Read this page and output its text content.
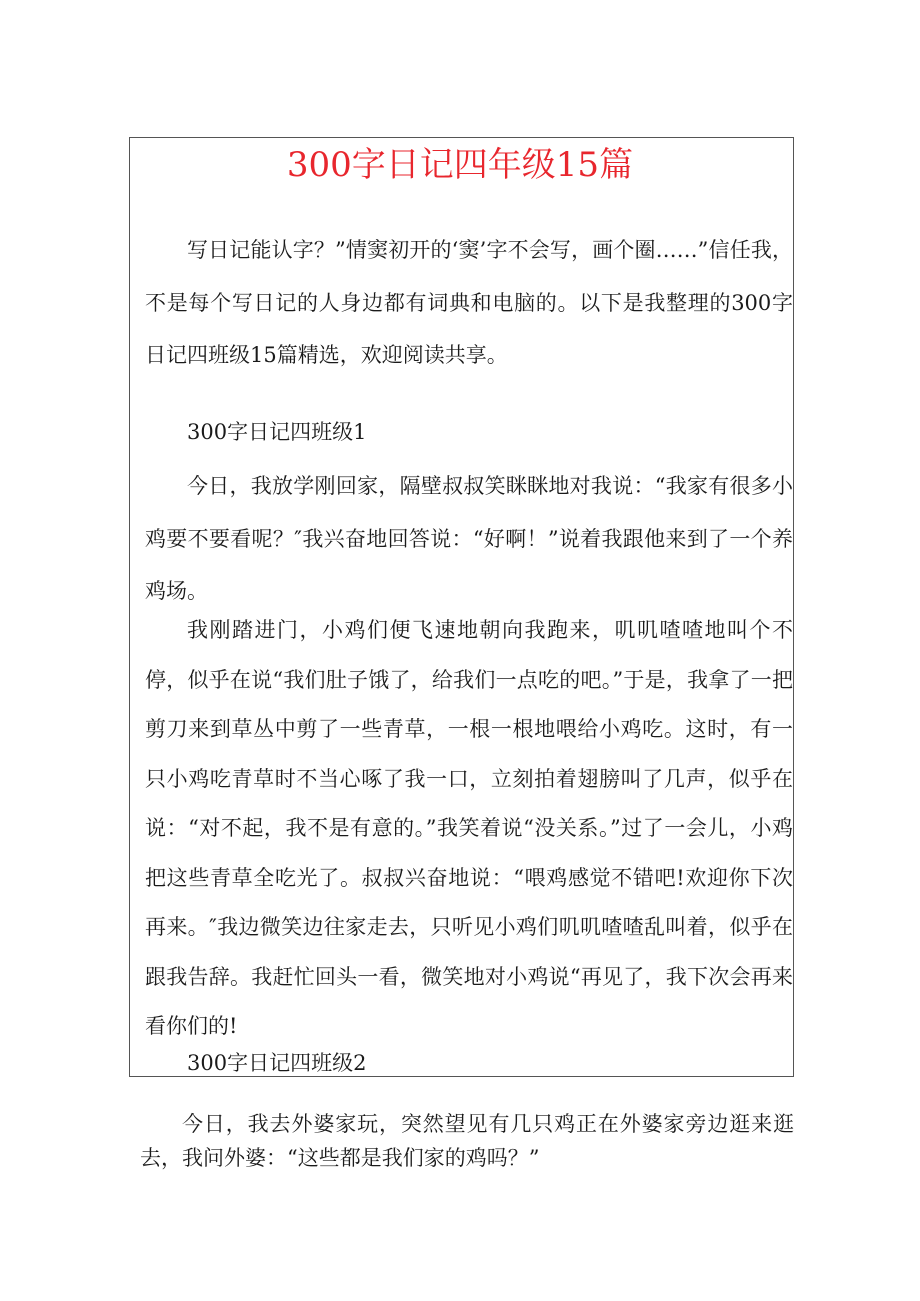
300字日记四年级15篇

写日记能认字？”情窦初开的‘窦’字不会写，画个圈……”信任我，不是每个写日记的人身边都有词典和电脑的。以下是我整理的300字日记四班级15篇精选，欢迎阅读共享。

300字日记四班级1

今日，我放学刚回家，隔壁叔叔笑眯眯地对我说：“我家有很多小鸡要不要看呢？″我兴奋地回答说：“好啊！”说着我跟他来到了一个养鸡场。

我刚踏进门，小鸡们便飞速地朝向我跑来，叽叽喳喳地叫个不停，似乎在说“我们肚子饿了，给我们一点吃的吧。”于是，我拿了一把剪刀来到草丛中剪了一些青草，一根一根地喂给小鸡吃。这时，有一只小鸡吃青草时不当心啄了我一口，立刻拍着翅膀叫了几声，似乎在说：“对不起，我不是有意的。”我笑着说“没关系。”过了一会儿，小鸡把这些青草全吃光了。叔叔兴奋地说：“喂鸡感觉不错吧!欢迎你下次再来。″我边微笑边往家走去，只听见小鸡们叽叽喳喳乱叫着，似乎在跟我告辞。我赶忙回头一看，微笑地对小鸡说“再见了，我下次会再来看你们的!

300字日记四班级2

今日，我去外婆家玩，突然望见有几只鸡正在外婆家旁边逛来逛去，我问外婆：“这些都是我们家的鸡吗？”
